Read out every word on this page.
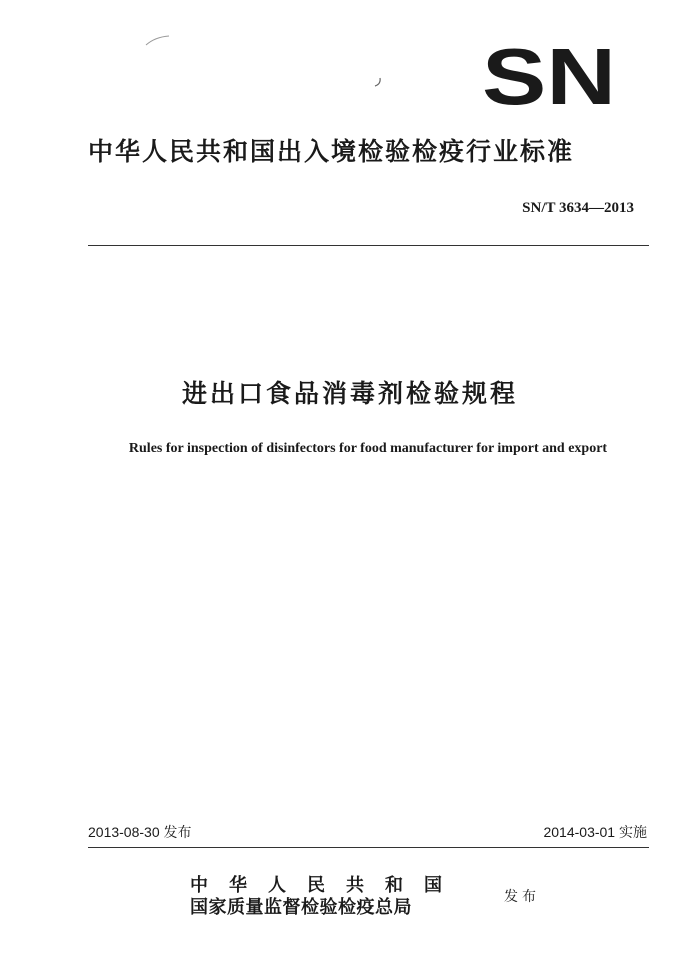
SN
中华人民共和国出入境检验检疫行业标准
SN/T 3634—2013
进出口食品消毒剂检验规程
Rules for inspection of disinfectors for food manufacturer for import and export
2013-08-30 发布	2014-03-01 实施
中华人民共和国
国家质量监督检验检疫总局	发布
